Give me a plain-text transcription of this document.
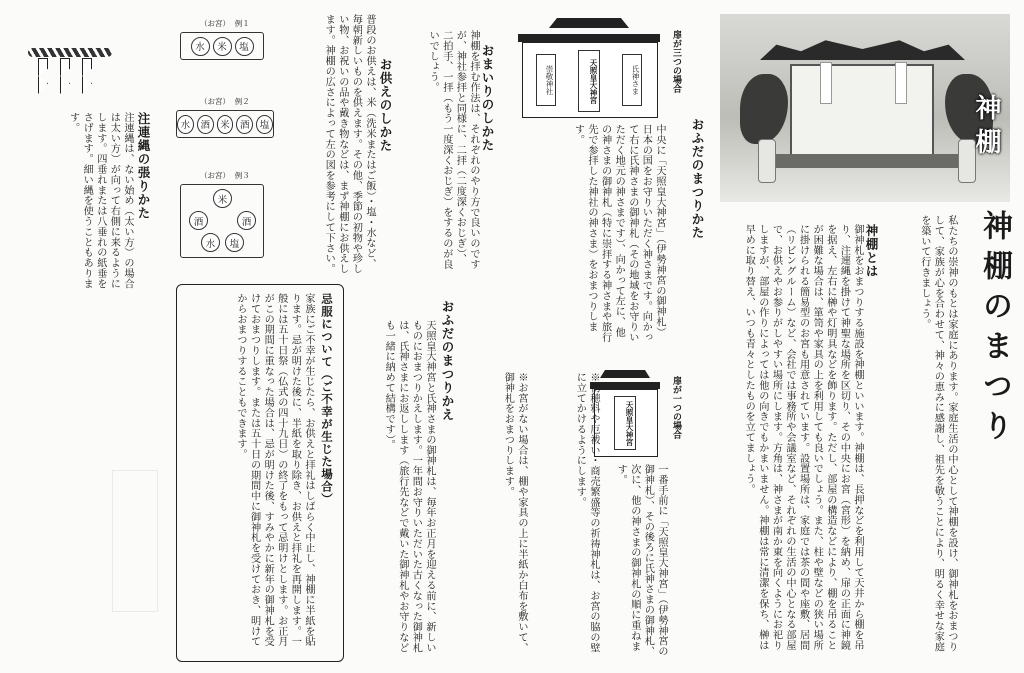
神棚
神棚のまつり
私たちの崇神のもとは家庭にあります。家庭生活の中心として神棚を設け、御神札をおまつりして、家族が心を合わせて、神々の恵みに感謝し、祖先を敬うことにより、明るく幸せな家庭を築いて行きましょう。
神棚とは
御神札をおまつりする施設を神棚といいます。神棚は、長押などを利用して天井から棚を吊り、注連縄を掛けて神聖な場所を区切り、その中央にお宮（宮形）を納め、扉の正面に神鏡を据え、左右に榊や灯明具などを飾ります。ただし、部屋の構造などにより、棚を吊ることが困難な場合は、箪笥や家具の上を利用しても良いでしょう。また、柱や壁などの狭い場所に掛けられる簡易型のお宮も用意されています。設置場所は、家庭では茶の間や座敷、居間（リビングルーム）など、会社では事務所や会議室など、それぞれの生活の中心となる部屋で、お供えやお参りがしやすい場所にします。方角は、神さまが南か東を向くようにお祀りしますが、部屋の作りによっては他の向きでもかまいません。神棚は常に清潔を保ち、榊は早めに取り替え、いつも青々としたものを立てましょう。
おふだのまつりかた
扉が三つの場合
氏神さま
天照皇大神宮
崇敬神社
中央に「天照皇大神宮」（伊勢神宮の御神札）日本の国をお守りいただく神さまです。向かって右に氏神さまの御神札（その地域をお守りいただく地元の神さまです）、向かって左に、他の神さまの御神札（特に崇拝する神さまや旅行先で参拝した神社の神さま）をおまつりします。
扉が一つの場合
天照皇大神宮
一番手前に「天照皇大神宮」（伊勢神宮の御神札）、その後ろに氏神さまの御神札、次に、他の神さまの御神札の順に重ねます。
※初穂料や厄祓い・商売繁盛等の祈祷神札は、お宮の脇の壁に立てかけるようにします。
※お宮がない場合は、棚や家具の上に半紙か白布を敷いて、御神札をおまつりします。
おふだのまつりかえ
天照皇大神宮と氏神さまの御神札は、毎年お正月を迎える前に、新しいものにおまつりかえします。一年間お守りいただいた古くなった御神札は、氏神さまにお返しします（旅行先などで戴いた御神札やお守りなども一緒に納めて結構です）。
おまいりのしかた
神棚を拝む作法は、それぞれのやり方で良いのですが、神社参拝と同様に、二拝（二度深くおじぎ）、二拍手、一拝（もう一度深くおじぎ）をするのが良いでしょう。
お供えのしかた
普段のお供えは、米（洗米またはご飯）・塩・水など、毎朝新しいものを供えます。その他、季節の初物や珍しい物、お祝いの品や戴き物などは、まず神棚にお供えします。神棚の広さによって左の図を参考にして下さい。
（お宮） 例１
水	米	塩
（お宮） 例２
水	酒	米	酒	塩
（お宮） 例３
米
酒	酒
水	塩
注連縄の張りかた
注連縄は、ない始め（太い方）の場合は太い方）が向って右側に来るようにします。四垂れまたは八垂れの紙垂をさげます。細い縄を使うこともあります。
忌服について（ご不幸が生じた場合）
家族にご不幸が生じたら、お供えと拝礼はしばらく中止し、神棚に半紙を貼ります。忌が明けた後に、半紙を取り除き、お供えと拝礼を再開します。一般には五十日祭（仏式の四十九日）の終了をもって忌明けとします。お正月がこの期間に重なった場合は、忌が明けた後、すみやかに新年の御神札を受けておまつりします。または五十日の期間中に御神札を受けておき、明けてからおまつりすることもできます。
